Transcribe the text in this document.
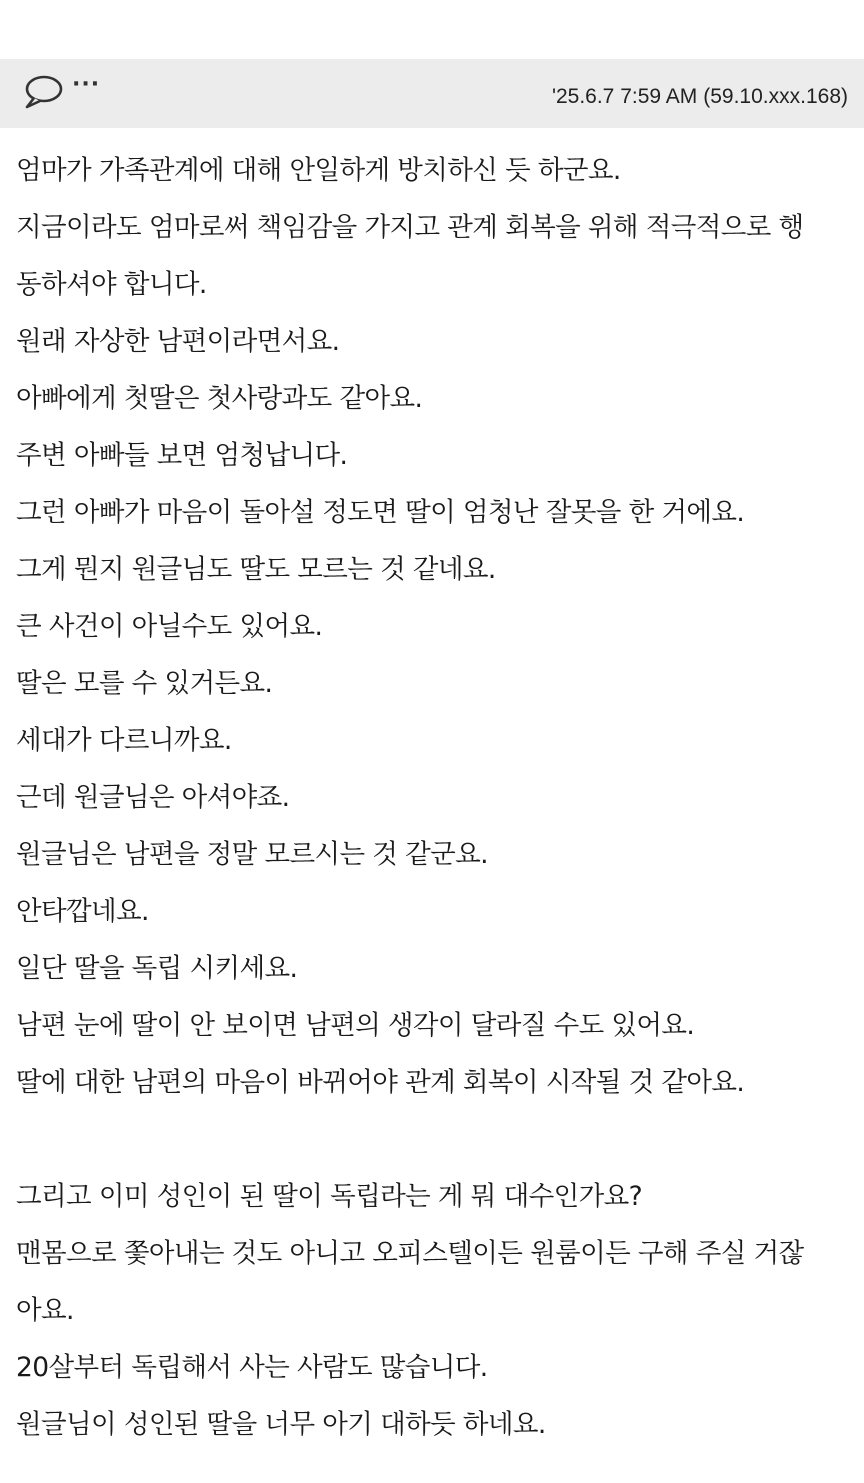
···	'25.6.7 7:59 AM (59.10.xxx.168)
엄마가 가족관계에 대해 안일하게 방치하신 듯 하군요.
지금이라도 엄마로써 책임감을 가지고 관계 회복을 위해 적극적으로 행
동하셔야 합니다.
원래 자상한 남편이라면서요.
아빠에게 첫딸은 첫사랑과도 같아요.
주변 아빠들 보면 엄청납니다.
그런 아빠가 마음이 돌아설 정도면 딸이 엄청난 잘못을 한 거에요.
그게 뭔지 원글님도 딸도 모르는 것 같네요.
큰 사건이 아닐수도 있어요.
딸은 모를 수 있거든요.
세대가 다르니까요.
근데 원글님은 아셔야죠.
원글님은 남편을 정말 모르시는 것 같군요.
안타깝네요.
일단 딸을 독립 시키세요.
남편 눈에 딸이 안 보이면 남편의 생각이 달라질 수도 있어요.
딸에 대한 남편의 마음이 바뀌어야 관계 회복이 시작될 것 같아요.
그리고 이미 성인이 된 딸이 독립라는 게 뭐 대수인가요?
맨몸으로 쫓아내는 것도 아니고 오피스텔이든 원룸이든 구해 주실 거잖
아요.
20살부터 독립해서 사는 사람도 많습니다.
원글님이 성인된 딸을 너무 아기 대하듯 하네요.
